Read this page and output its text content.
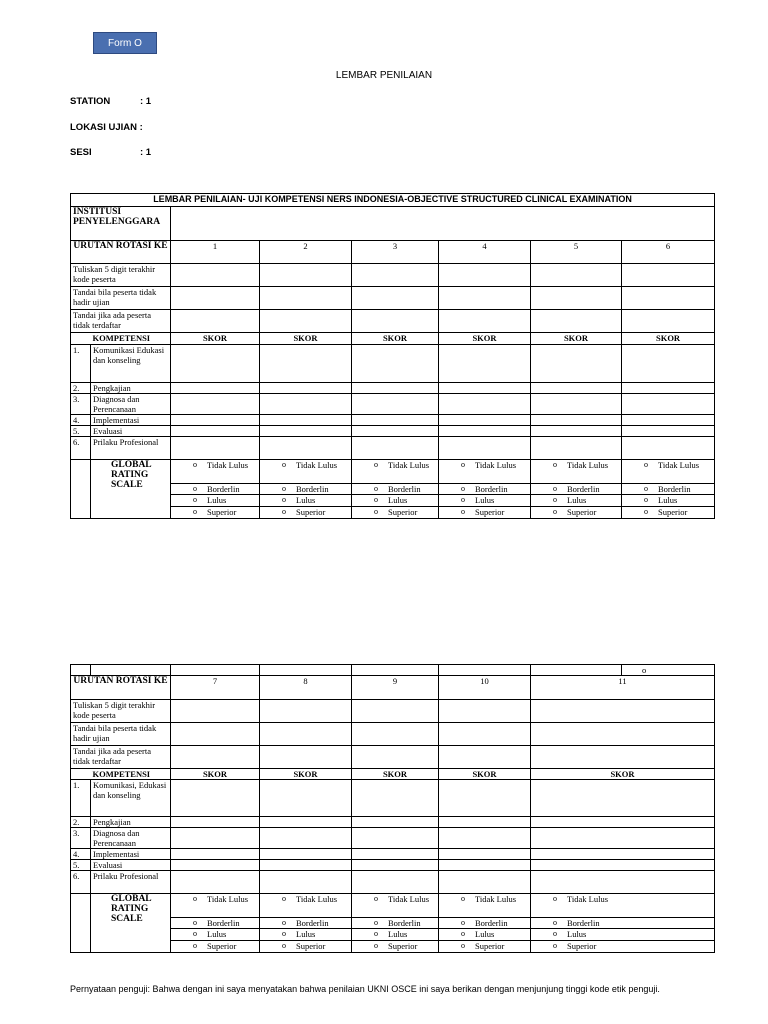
Form O
LEMBAR PENILAIAN
STATION	: 1
LOKASI UJIAN :
SESI	: 1
LEMBAR PENILAIAN- UJI KOMPETENSI NERS INDONESIA-OBJECTIVE STRUCTURED CLINICAL EXAMINATION							
INSTITUSI PENYELENGGARA							
URUTAN ROTASI KE		1	2	3	4	5	6
Tuliskan 5 digit terakhir kode peserta							
Tandai bila peserta tidak hadir ujian							
Tandai jika ada peserta tidak terdaftar							
	KOMPETENSI	SKOR	SKOR	SKOR	SKOR	SKOR	SKOR
1.	Komunikasi Edukasi dan konseling						
2.	Pengkajian						
3.	Diagnosa dan Perencanaan						
4.	Implementasi						
5.	Evaluasi						
6.	Prilaku Profesional						
	GLOBAL RATING SCALE	o Tidak Lulus	o Tidak Lulus	o Tidak Lulus	o Tidak Lulus	o Tidak Lulus	o Tidak Lulus

		o Borderlin	o Borderlin	o Borderlin	o Borderlin	o Borderlin	o Borderlin

		o Lulus	o Lulus	o Lulus	o Lulus	o Lulus	o Lulus

		o Superior	o Superior	o Superior	o Superior	o Superior	o Superior
							o
URUTAN ROTASI KE		7	8	9	10	11	
Tuliskan 5 digit terakhir kode peserta							
Tandai bila peserta tidak hadir ujian							
Tandai jika ada peserta tidak terdaftar							
	KOMPETENSI	SKOR	SKOR	SKOR	SKOR	SKOR	
1.	Komunikasi, Edukasi dan konseling						
2.	Pengkajian						
3.	Diagnosa dan Perencanaan						
4.	Implementasi						
5.	Evaluasi						
6.	Prilaku Profesional						
	GLOBAL RATING SCALE	o Tidak Lulus	o Tidak Lulus	o Tidak Lulus	o Tidak Lulus	o Tidak Lulus	

		o Borderlin	o Borderlin	o Borderlin	o Borderlin	o Borderlin	

		o Lulus	o Lulus	o Lulus	o Lulus	o Lulus	

		o Superior	o Superior	o Superior	o Superior	o Superior	
Pernyataan penguji: Bahwa dengan ini saya menyatakan bahwa penilaian UKNI OSCE ini saya berikan dengan menjunjung tinggi kode etik penguji.
